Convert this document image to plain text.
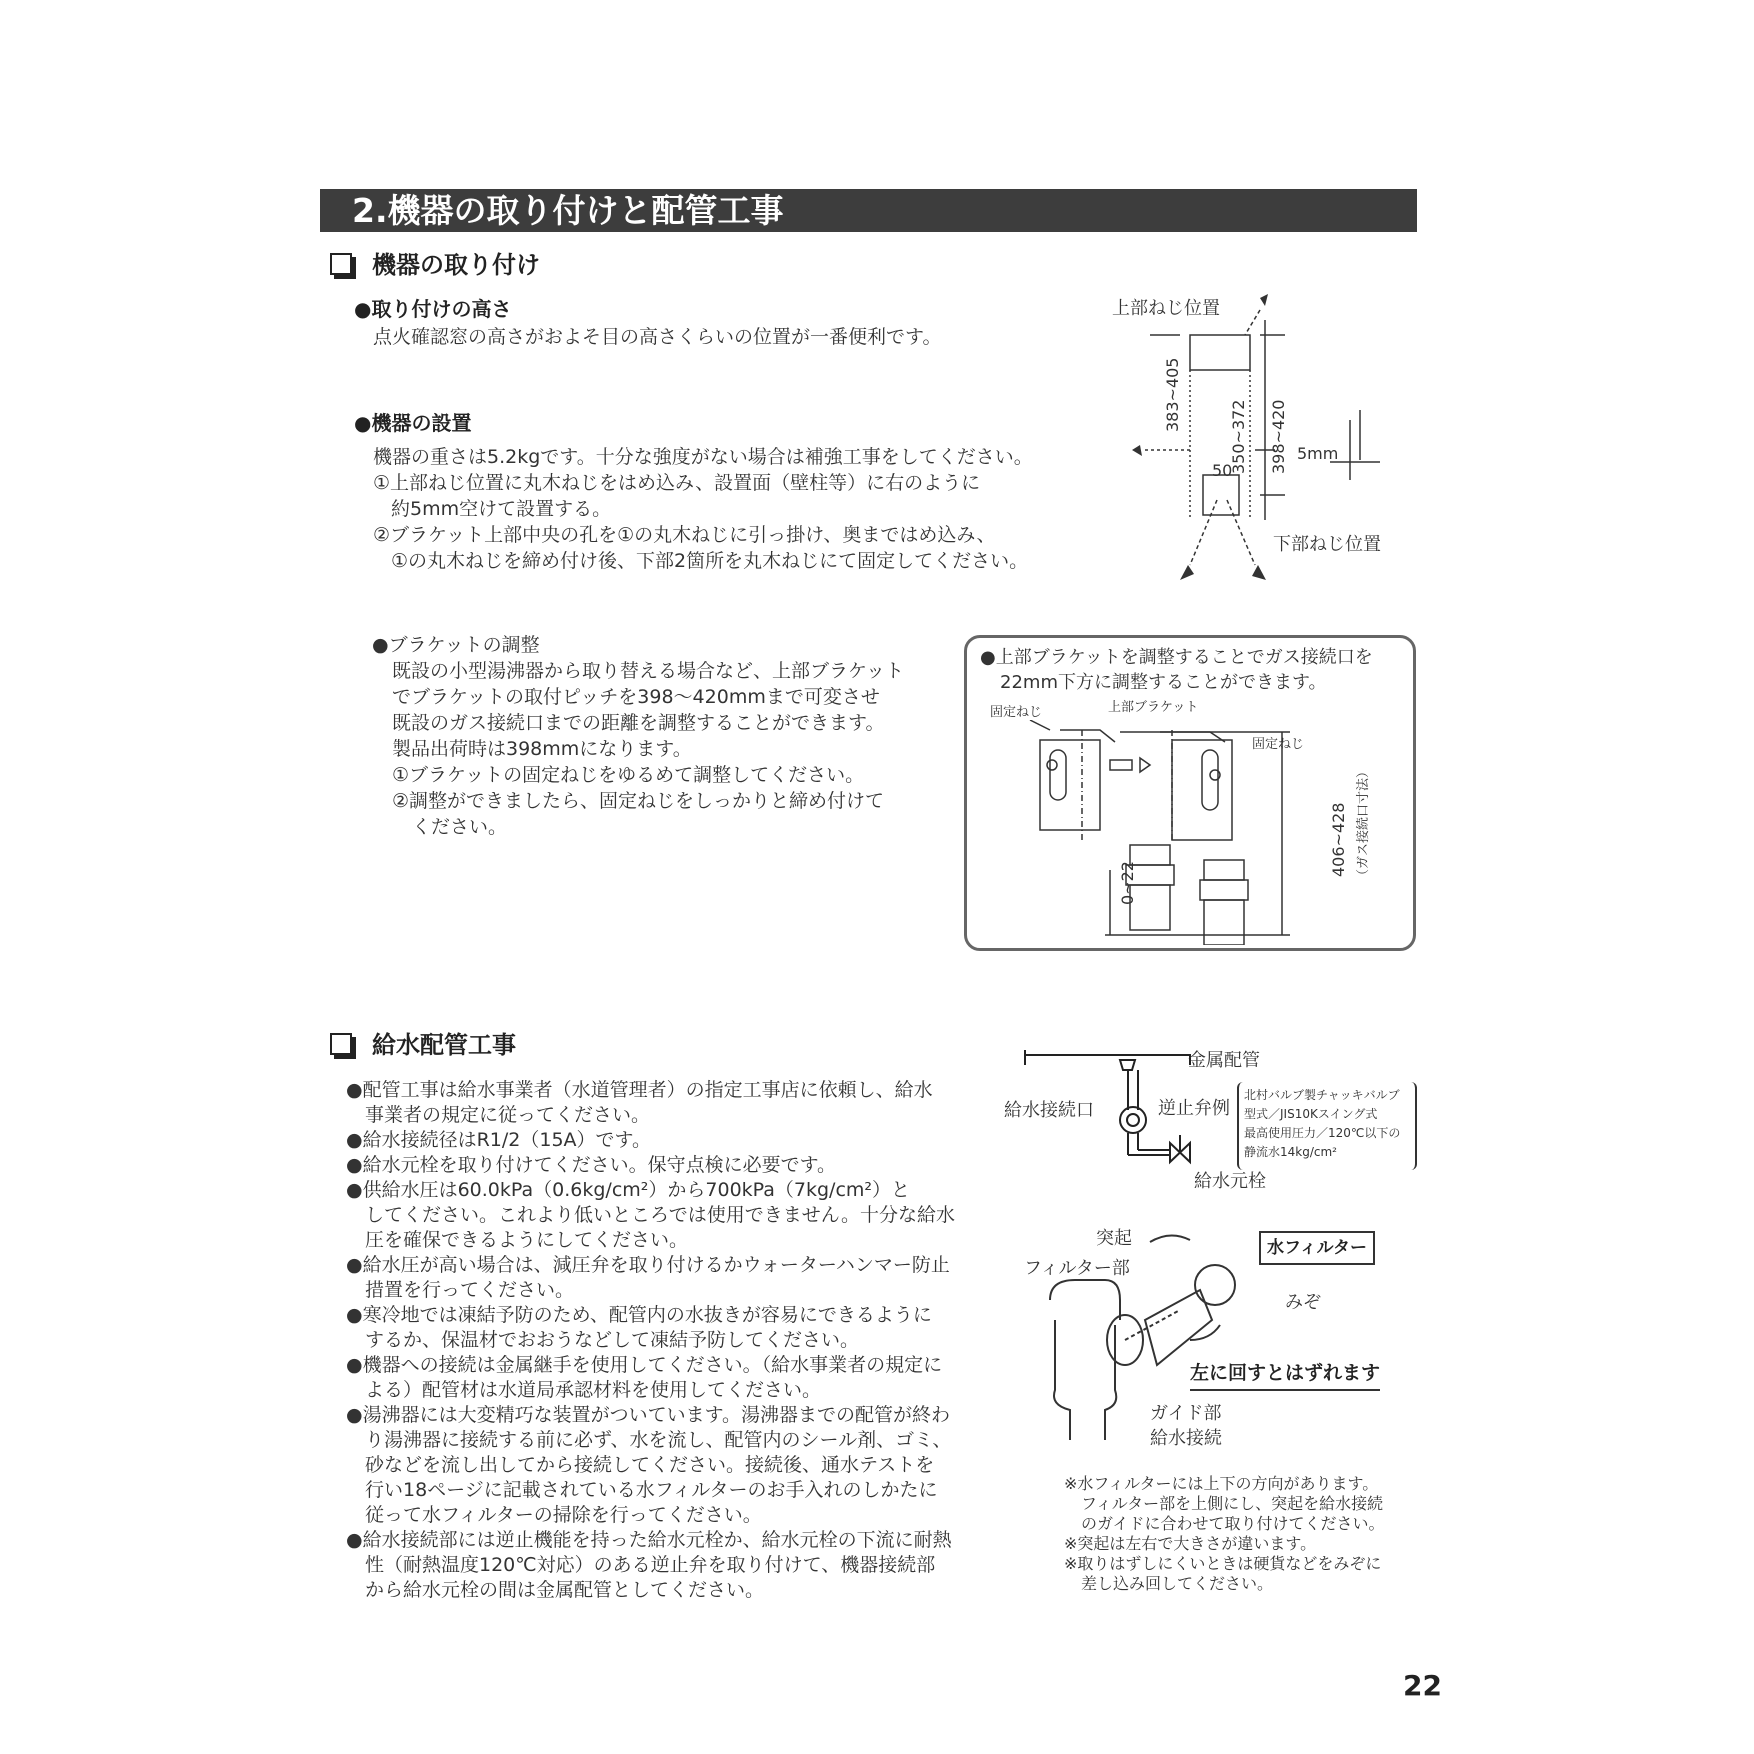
2.機器の取り付けと配管工事
機器の取り付け
●取り付けの高さ
点火確認窓の高さがおよそ目の高さくらいの位置が一番便利です。
●機器の設置
機器の重さは5.2kgです。十分な強度がない場合は補強工事をしてください。
①上部ねじ位置に丸木ねじをはめ込み、設置面（壁柱等）に右のように
約5mm空けて設置する。
②ブラケット上部中央の孔を①の丸木ねじに引っ掛け、奥まではめ込み、
①の丸木ねじを締め付け後、下部2箇所を丸木ねじにて固定してください。
上部ねじ位置
下部ねじ位置
383~405
350~372 398~420
50
5mm
●ブラケットの調整
既設の小型湯沸器から取り替える場合など、上部ブラケット
でブラケットの取付ピッチを398～420mmまで可変させ
既設のガス接続口までの距離を調整することができます。
製品出荷時は398mmになります。
①ブラケットの固定ねじをゆるめて調整してください。
②調整ができましたら、固定ねじをしっかりと締め付けて
ください。
●上部ブラケットを調整することでガス接続口を
22mm下方に調整することができます。
固定ねじ	上部ブラケット
固定ねじ
0~22
406~428 （ガス接続口寸法）
給水配管工事
●配管工事は給水事業者（水道管理者）の指定工事店に依頼し、給水
事業者の規定に従ってください。
●給水接続径はR1/2（15A）です。
●給水元栓を取り付けてください。保守点検に必要です。
●供給水圧は60.0kPa（0.6kg/cm²）から700kPa（7kg/cm²）と
してください。これより低いところでは使用できません。十分な給水
圧を確保できるようにしてください。
●給水圧が高い場合は、減圧弁を取り付けるかウォーターハンマー防止
措置を行ってください。
●寒冷地では凍結予防のため、配管内の水抜きが容易にできるように
するか、保温材でおおうなどして凍結予防してください。
●機器への接続は金属継手を使用してください。（給水事業者の規定に
よる）配管材は水道局承認材料を使用してください。
●湯沸器には大変精巧な装置がついています。湯沸器までの配管が終わ
り湯沸器に接続する前に必ず、水を流し、配管内のシール剤、ゴミ、
砂などを流し出してから接続してください。接続後、通水テストを
行い18ページに記載されている水フィルターのお手入れのしかたに
従って水フィルターの掃除を行ってください。
●給水接続部には逆止機能を持った給水元栓か、給水元栓の下流に耐熱
性（耐熱温度120℃対応）のある逆止弁を取り付けて、機器接続部
から給水元栓の間は金属配管としてください。
金属配管
給水接続口	逆止弁例
給水元栓
北村バルブ製チャッキバルブ
型式／JIS10Kスイング式
最高使用圧力／120℃以下の
静流水14kg/cm²
突起
フィルター部
水フィルター
みぞ
左に回すとはずれます
ガイド部
給水接続
※水フィルターには上下の方向があります。
フィルター部を上側にし、突起を給水接続
のガイドに合わせて取り付けてください。
※突起は左右で大きさが違います。
※取りはずしにくいときは硬貨などをみぞに
差し込み回してください。
22
